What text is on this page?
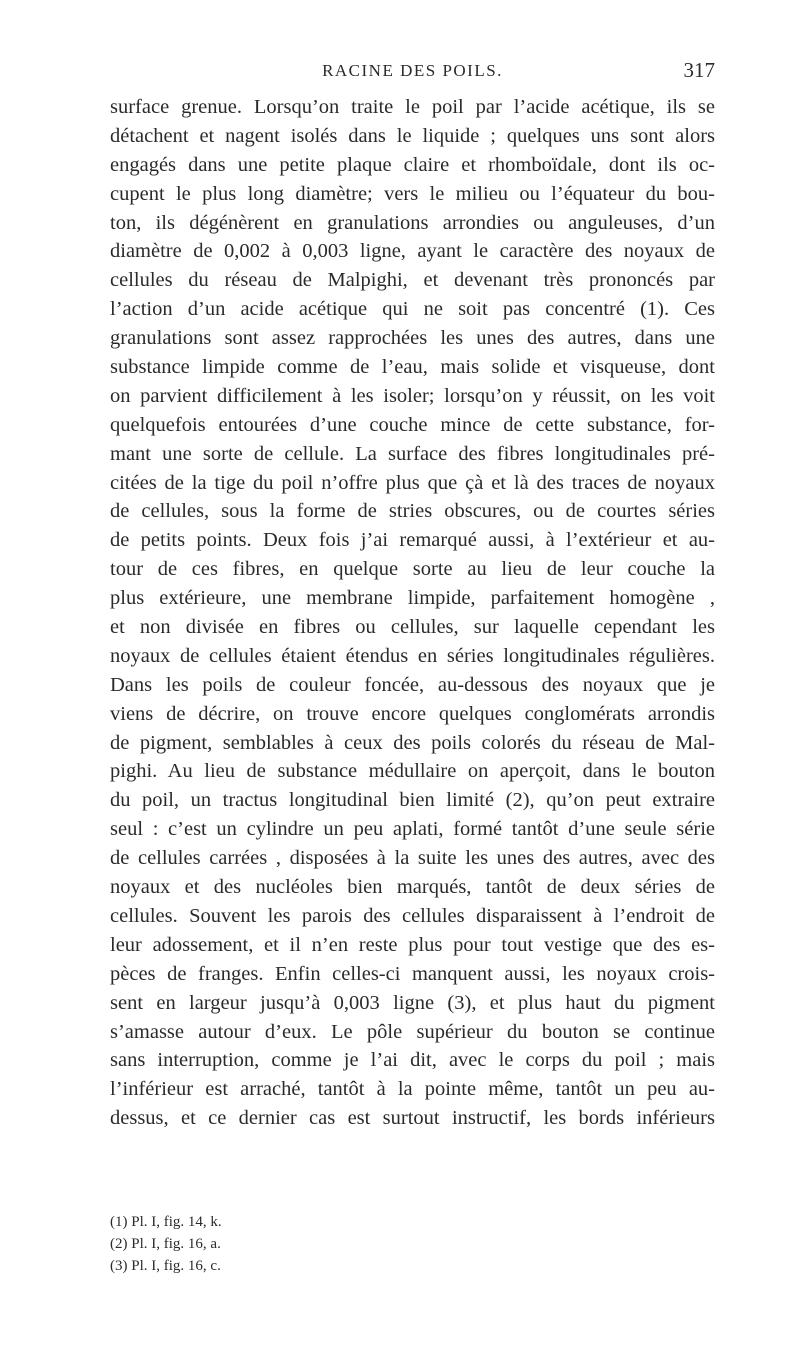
RACINE DES POILS.	317
surface grenue. Lorsqu’on traite le poil par l’acide acétique, ils se
détachent et nagent isolés dans le liquide ; quelques uns sont alors
engagés dans une petite plaque claire et rhomboïdale, dont ils oc-
cupent le plus long diamètre; vers le milieu ou l’équateur du bou-
ton, ils dégénèrent en granulations arrondies ou anguleuses, d’un
diamètre de 0,002 à 0,003 ligne, ayant le caractère des noyaux de
cellules du réseau de Malpighi, et devenant très prononcés par
l’action d’un acide acétique qui ne soit pas concentré (1). Ces
granulations sont assez rapprochées les unes des autres, dans une
substance limpide comme de l’eau, mais solide et visqueuse, dont
on parvient difficilement à les isoler; lorsqu’on y réussit, on les voit
quelquefois entourées d’une couche mince de cette substance, for-
mant une sorte de cellule. La surface des fibres longitudinales pré-
citées de la tige du poil n’offre plus que çà et là des traces de noyaux
de cellules, sous la forme de stries obscures, ou de courtes séries
de petits points. Deux fois j’ai remarqué aussi, à l’extérieur et au-
tour de ces fibres, en quelque sorte au lieu de leur couche la
plus extérieure, une membrane limpide, parfaitement homogène ,
et non divisée en fibres ou cellules, sur laquelle cependant les
noyaux de cellules étaient étendus en séries longitudinales régulières.
Dans les poils de couleur foncée, au-dessous des noyaux que je
viens de décrire, on trouve encore quelques conglomérats arrondis
de pigment, semblables à ceux des poils colorés du réseau de Mal-
pighi. Au lieu de substance médullaire on aperçoit, dans le bouton
du poil, un tractus longitudinal bien limité (2), qu’on peut extraire
seul : c’est un cylindre un peu aplati, formé tantôt d’une seule série
de cellules carrées , disposées à la suite les unes des autres, avec des
noyaux et des nucléoles bien marqués, tantôt de deux séries de
cellules. Souvent les parois des cellules disparaissent à l’endroit de
leur adossement, et il n’en reste plus pour tout vestige que des es-
pèces de franges. Enfin celles-ci manquent aussi, les noyaux crois-
sent en largeur jusqu’à 0,003 ligne (3), et plus haut du pigment
s’amasse autour d’eux. Le pôle supérieur du bouton se continue
sans interruption, comme je l’ai dit, avec le corps du poil ; mais
l’inférieur est arraché, tantôt à la pointe même, tantôt un peu au-
dessus, et ce dernier cas est surtout instructif, les bords inférieurs
(1) Pl. I, fig. 14, k.
(2) Pl. I, fig. 16, a.
(3) Pl. I, fig. 16, c.
